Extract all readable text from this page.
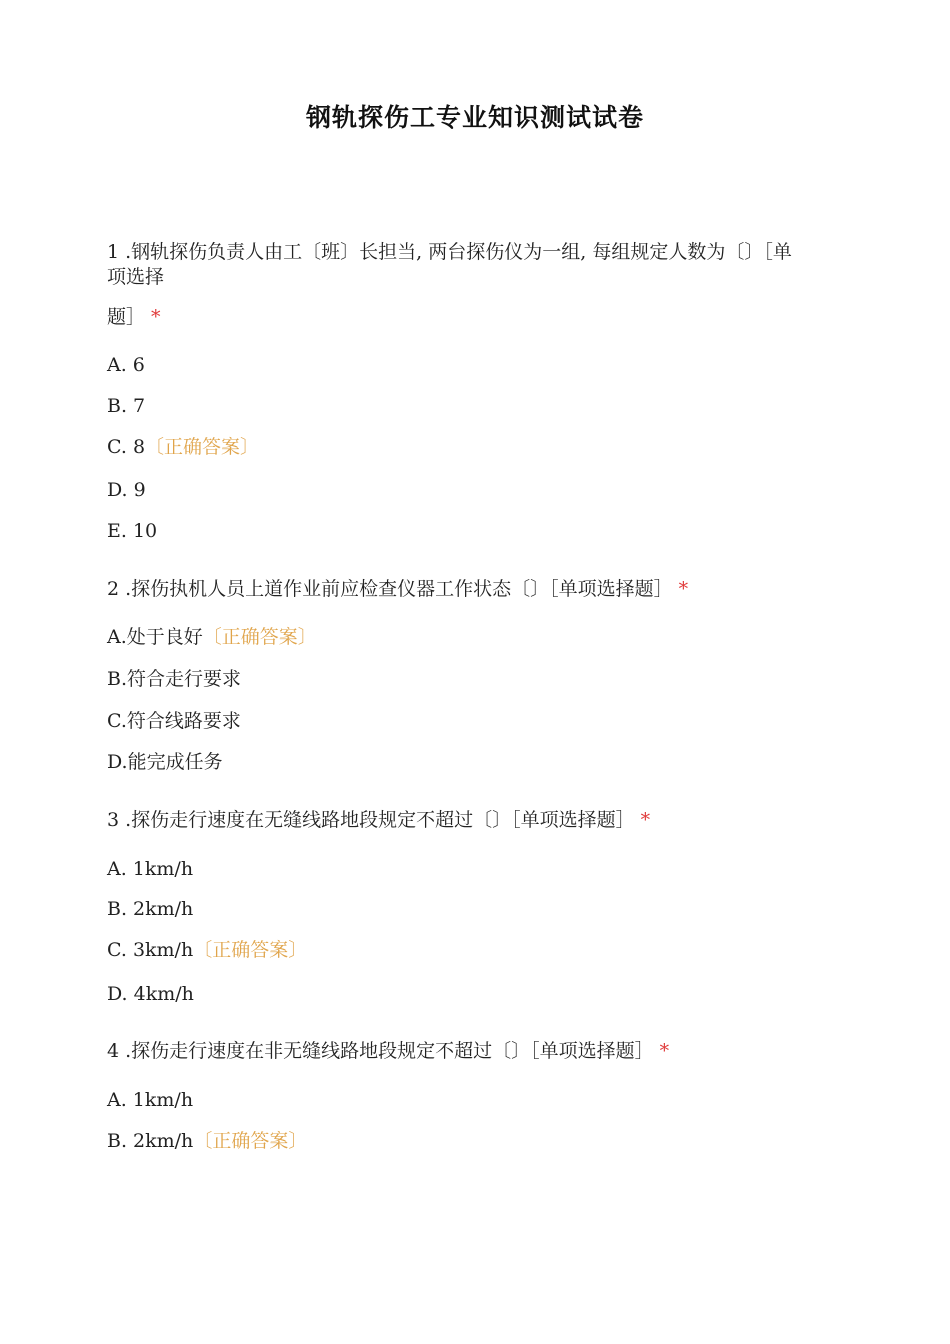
钢轨探伤工专业知识测试试卷
1 .钢轨探伤负责人由工〔班〕长担当, 两台探伤仪为一组, 每组规定人数为〔〕［单
项选择
题］ *
A. 6
B. 7
C. 8〔正确答案〕
D. 9
E. 10
2 .探伤执机人员上道作业前应检查仪器工作状态〔〕［单项选择题］ *
A.处于良好〔正确答案〕
B.符合走行要求
C.符合线路要求
D.能完成任务
3 .探伤走行速度在无缝线路地段规定不超过〔〕［单项选择题］ *
A. 1km/h
B. 2km/h
C. 3km/h〔正确答案〕
D. 4km/h
4 .探伤走行速度在非无缝线路地段规定不超过〔〕［单项选择题］ *
A. 1km/h
B. 2km/h〔正确答案〕
